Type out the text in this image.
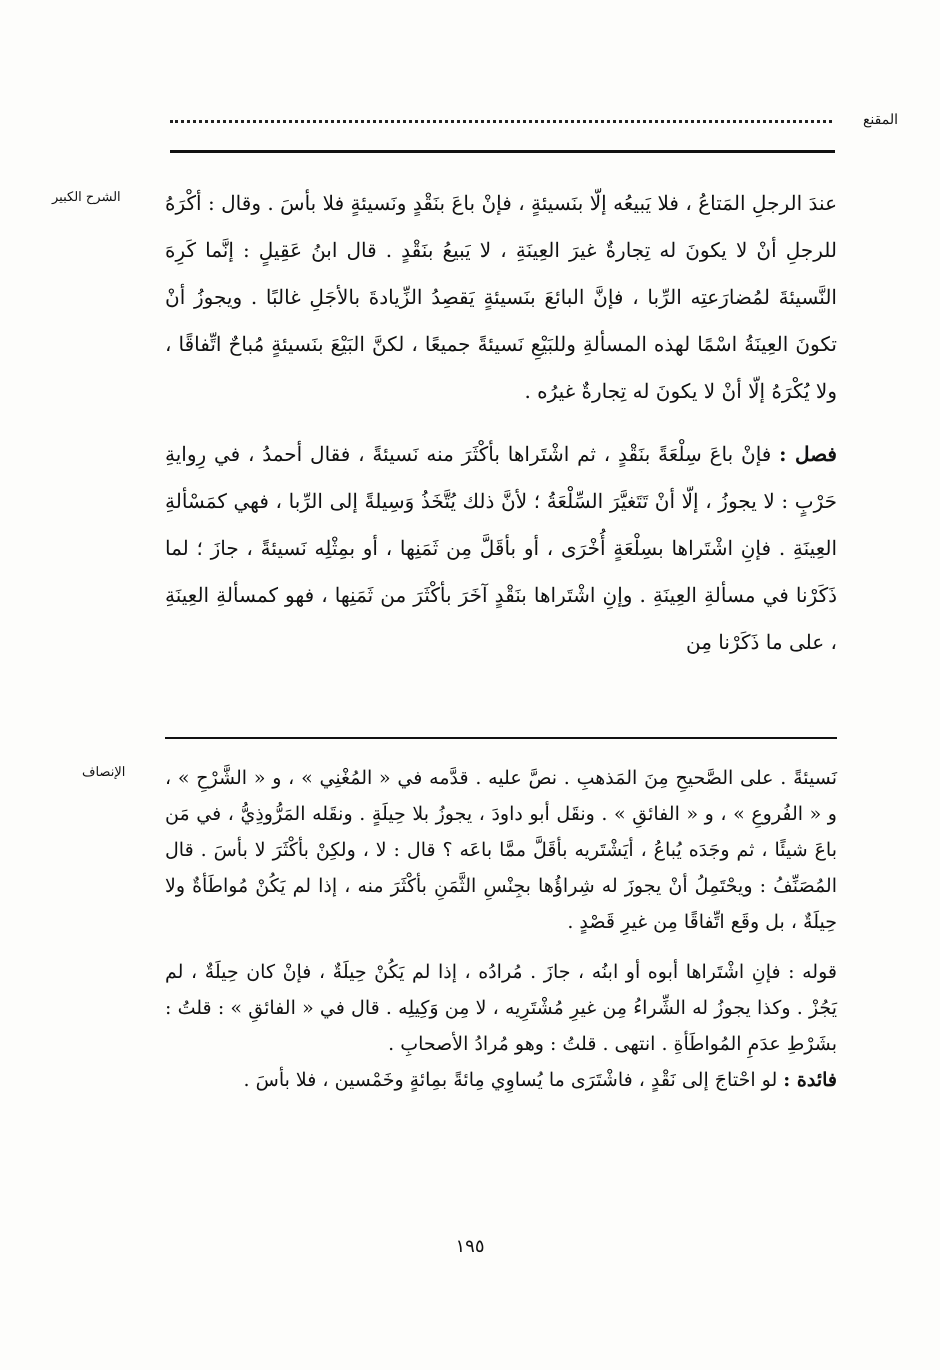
المقنع
الشرح الكبير عندَ الرجلِ المَتاعُ ، فلا يَبيعُه إلّا بنَسيئةٍ ، فإنْ باعَ بنَقْدٍ ونَسيئةٍ فلا بأسَ . وقال : أكْرَهُ للرجلِ أنْ لا يكونَ له تِجارةٌ غيرَ العِينَةِ ، لا يَبيعُ بنَقْدٍ . قال ابنُ عَقِيلٍ : إنَّما كَرِهَ النَّسيئةَ لمُضارَعتِه الرِّبا ، فإنَّ البائعَ بنَسيئةٍ يَقصِدُ الزِّيادةَ بالأجَلِ غالبًا . ويجوزُ أنْ تكونَ العِينَةُ اسْمًا لهذه المسألةِ وللبَيْعِ نَسيئةً جميعًا ، لكنَّ البَيْعَ بنَسيئةٍ مُباحٌ اتِّفاقًا ، ولا يُكْرَهُ إلّا أنْ لا يكونَ له تِجارةٌ غيرُه .

فصل : فإنْ باعَ سِلْعَةً بنَقْدٍ ، ثم اشْتَراها بأكْثَرَ منه نَسيئةً ، فقال أحمدُ ، في رِوايةِ حَرْبٍ : لا يجوزُ ، إلّا أنْ تَتَغيَّرَ السِّلْعَةُ ؛ لأنَّ ذلك يُتَّخَذُ وَسِيلةً إلى الرِّبا ، فهي كمَسْألةِ العِينَةِ . فإنِ اشْتَراها بسِلْعَةٍ أُخْرَى ، أو بأقَلَّ مِن ثَمَنِها ، أو بمِثْلِه نَسيئةً ، جازَ ؛ لما ذَكَرْنا في مسألةِ العِينَةِ . وإنِ اشْتَراها بنَقْدٍ آخَرَ بأكْثَرَ من ثَمَنِها ، فهو كمسألةِ العِينَةِ ، على ما ذَكَرْنا مِن

الإنصاف نَسيئةً . على الصَّحيحِ مِنَ المَذهبِ . نصَّ عليه . قدَّمه في « المُغْنِي » ، و « الشَّرْحِ » ، و « الفُروعِ » ، و « الفائقِ » . ونقَل أبو داودَ ، يجوزُ بلا حِيلَةٍ . ونقَله المَرُّوذِيُّ ، في مَن باعَ شيئًا ، ثم وجَدَه يُباعُ ، أيَشْتَريه بأقَلَّ ممَّا باعَه ؟ قال : لا ، ولكِنْ بأكْثَرَ لا بأسَ . قال المُصَنِّفُ : ويحْتَمِلُ أنْ يجوزَ له شِراؤُها بجِنْسِ الثَّمَنِ بأكْثَرَ منه ، إذا لم يَكُنْ مُواطَأةٌ ولا حِيلَةٌ ، بل وقَع اتِّفاقًا مِن غيرِ قَصْدٍ .

قوله : فإنِ اشْتَراها أبوه أو ابنُه ، جازَ . مُرادُه ، إذا لم يَكُنْ حِيلَةٌ ، فإنْ كان حِيلَةٌ ، لم يَجُزْ . وكذا يجوزُ له الشِّراءُ مِن غيرِ مُشْتَرِيه ، لا مِن وَكِيلِه . قال في « الفائقِ » : قلتُ : بشَرْطِ عدَمِ المُواطَأةِ . انتهى . قلتُ : وهو مُرادُ الأصحابِ .

فائدة : لو احْتاجَ إلى نَقْدٍ ، فاشْتَرَى ما يُساوِي مِائةً بمِائةٍ وخَمْسين ، فلا بأسَ .

١٩٥
